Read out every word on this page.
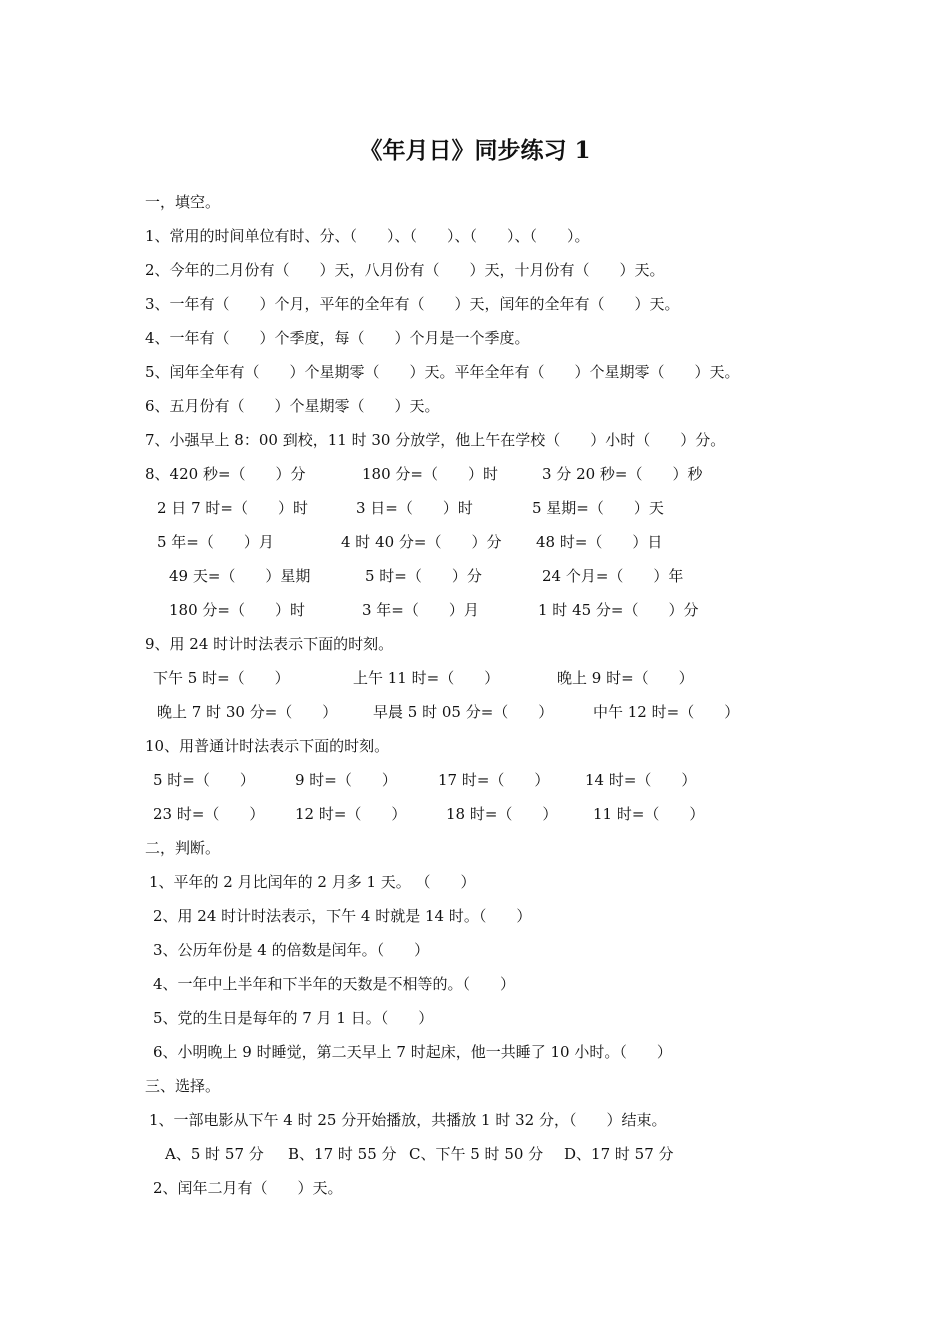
《年月日》同步练习 1
一，填空。
1、常用的时间单位有时、分、（　　）、（　　）、（　　）、（　　）。
2、今年的二月份有（　　）天，八月份有（　　）天，十月份有（　　）天。
3、一年有（　　）个月，平年的全年有（　　）天，闰年的全年有（　　）天。
4、一年有（　　）个季度，每（　　）个月是一个季度。
5、闰年全年有（　　）个星期零（　　）天。平年全年有（　　）个星期零（　　）天。
6、五月份有（　　）个星期零（　　）天。
7、小强早上 8：00 到校，11 时 30 分放学，他上午在学校（　　）小时（　　）分。
8、420 秒=（　　）分	180 分=（　　）时	3 分 20 秒=（　　）秒
2 日 7 时=（　　）时	3 日=（　　）时	5 星期=（　　）天
5 年=（　　）月	4 时 40 分=（　　）分 48 时=（　　）日
49 天=（　　）星期	5 时=（　　）分	24 个月=（　　）年
180 分=（　　）时	3 年=（　　）月	1 时 45 分=（　　）分
9、用 24 时计时法表示下面的时刻。
下午 5 时=（　　）	上午 11 时=（　　）	晚上 9 时=（　　）
晚上 7 时 30 分=（　　） 早晨 5 时 05 分=（　　）	中午 12 时=（　　）
10、用普通计时法表示下面的时刻。
5 时=（　　）	9 时=（　　）	17 时=（　　） 14 时=（　　）
23 时=（　　） 12 时=（　　）	18 时=（　　） 11 时=（　　）
二，判断。
1、平年的 2 月比闰年的 2 月多 1 天。 （　　）
2、用 24 时计时法表示，下午 4 时就是 14 时。（　　）
3、公历年份是 4 的倍数是闰年。（　　）
4、一年中上半年和下半年的天数是不相等的。（　　）
5、党的生日是每年的 7 月 1 日。（　　）
6、小明晚上 9 时睡觉，第二天早上 7 时起床，他一共睡了 10 小时。（　　）
三、选择。
1、一部电影从下午 4 时 25 分开始播放，共播放 1 时 32 分，（　　）结束。
A、5 时 57 分 B、17 时 55 分 C、下午 5 时 50 分 D、17 时 57 分
2、闰年二月有（　　）天。
